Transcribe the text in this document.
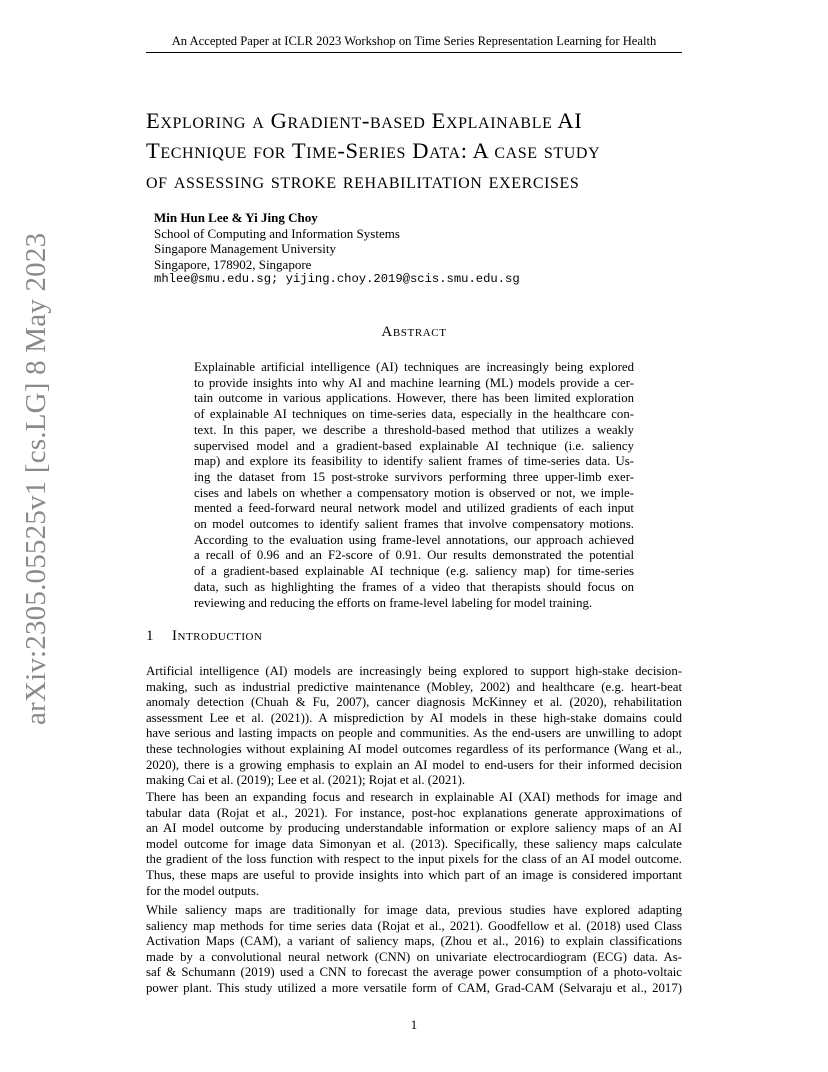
An Accepted Paper at ICLR 2023 Workshop on Time Series Representation Learning for Health
arXiv:2305.05525v1 [cs.LG] 8 May 2023
Exploring a Gradient-based Explainable AI
Technique for Time-Series Data: A case study
of assessing stroke rehabilitation exercises
Min Hun Lee & Yi Jing Choy
School of Computing and Information Systems
Singapore Management University
Singapore, 178902, Singapore
mhlee@smu.edu.sg; yijing.choy.2019@scis.smu.edu.sg
Abstract
Explainable artificial intelligence (AI) techniques are increasingly being explored
to provide insights into why AI and machine learning (ML) models provide a cer-
tain outcome in various applications. However, there has been limited exploration
of explainable AI techniques on time-series data, especially in the healthcare con-
text. In this paper, we describe a threshold-based method that utilizes a weakly
supervised model and a gradient-based explainable AI technique (i.e. saliency
map) and explore its feasibility to identify salient frames of time-series data. Us-
ing the dataset from 15 post-stroke survivors performing three upper-limb exer-
cises and labels on whether a compensatory motion is observed or not, we imple-
mented a feed-forward neural network model and utilized gradients of each input
on model outcomes to identify salient frames that involve compensatory motions.
According to the evaluation using frame-level annotations, our approach achieved
a recall of 0.96 and an F2-score of 0.91. Our results demonstrated the potential
of a gradient-based explainable AI technique (e.g. saliency map) for time-series
data, such as highlighting the frames of a video that therapists should focus on
reviewing and reducing the efforts on frame-level labeling for model training.
1 Introduction
Artificial intelligence (AI) models are increasingly being explored to support high-stake decision-
making, such as industrial predictive maintenance (Mobley, 2002) and healthcare (e.g. heart-beat
anomaly detection (Chuah & Fu, 2007), cancer diagnosis McKinney et al. (2020), rehabilitation
assessment Lee et al. (2021)). A misprediction by AI models in these high-stake domains could
have serious and lasting impacts on people and communities. As the end-users are unwilling to adopt
these technologies without explaining AI model outcomes regardless of its performance (Wang et al.,
2020), there is a growing emphasis to explain an AI model to end-users for their informed decision
making Cai et al. (2019); Lee et al. (2021); Rojat et al. (2021).
There has been an expanding focus and research in explainable AI (XAI) methods for image and
tabular data (Rojat et al., 2021). For instance, post-hoc explanations generate approximations of
an AI model outcome by producing understandable information or explore saliency maps of an AI
model outcome for image data Simonyan et al. (2013). Specifically, these saliency maps calculate
the gradient of the loss function with respect to the input pixels for the class of an AI model outcome.
Thus, these maps are useful to provide insights into which part of an image is considered important
for the model outputs.
While saliency maps are traditionally for image data, previous studies have explored adapting
saliency map methods for time series data (Rojat et al., 2021). Goodfellow et al. (2018) used Class
Activation Maps (CAM), a variant of saliency maps, (Zhou et al., 2016) to explain classifications
made by a convolutional neural network (CNN) on univariate electrocardiogram (ECG) data. As-
saf & Schumann (2019) used a CNN to forecast the average power consumption of a photo-voltaic
power plant. This study utilized a more versatile form of CAM, Grad-CAM (Selvaraju et al., 2017)
1
